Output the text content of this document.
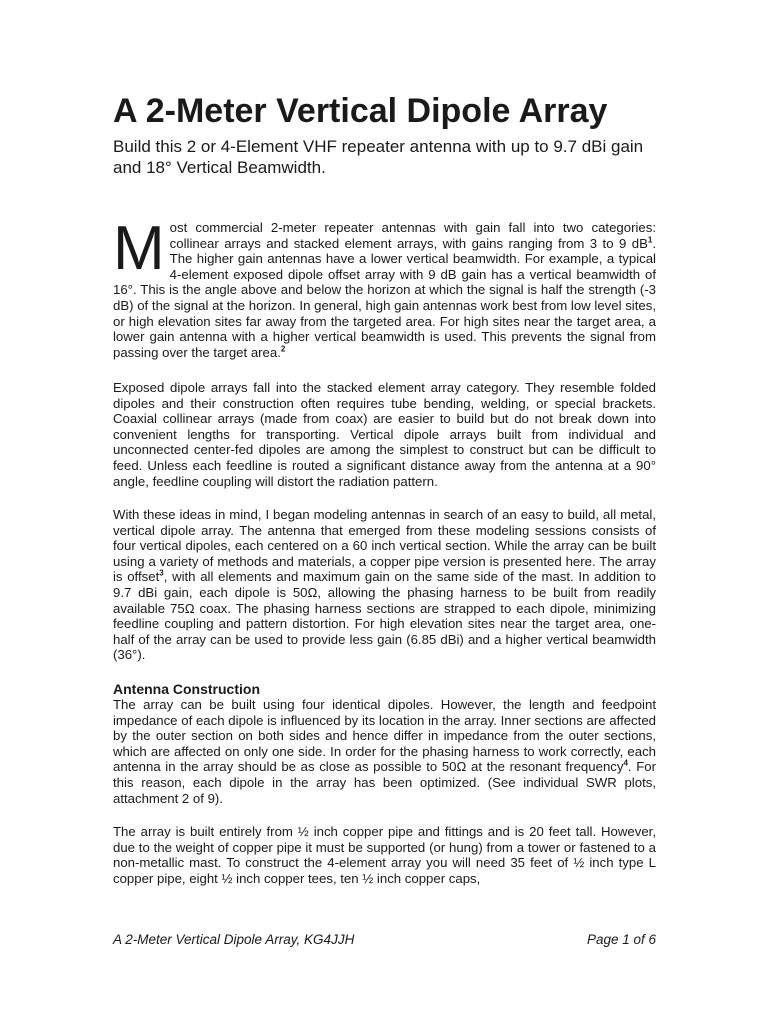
A 2-Meter Vertical Dipole Array

Build this 2 or 4-Element VHF repeater antenna with up to 9.7 dBi gain and 18° Vertical Beamwidth.

Most commercial 2-meter repeater antennas with gain fall into two categories: collinear arrays and stacked element arrays, with gains ranging from 3 to 9 $dB^1$. The higher gain antennas have a lower vertical beamwidth. For example, a typical 4-element exposed dipole offset array with 9 dB gain has a vertical beamwidth of 16°. This is the angle above and below the horizon at which the signal is half the strength (-3 dB) of the signal at the horizon. In general, high gain antennas work best from low level sites, or high elevation sites far away from the targeted area. For high sites near the target area, a lower gain antenna with a higher vertical beamwidth is used. This prevents the signal from passing over the target area.$^2$

Exposed dipole arrays fall into the stacked element array category. They resemble folded dipoles and their construction often requires tube bending, welding, or special brackets. Coaxial collinear arrays (made from coax) are easier to build but do not break down into convenient lengths for transporting. Vertical dipole arrays built from individual and unconnected center-fed dipoles are among the simplest to construct but can be difficult to feed. Unless each feedline is routed a significant distance away from the antenna at a 90° angle, feedline coupling will distort the radiation pattern.

With these ideas in mind, I began modeling antennas in search of an easy to build, all metal, vertical dipole array. The antenna that emerged from these modeling sessions consists of four vertical dipoles, each centered on a 60 inch vertical section. While the array can be built using a variety of methods and materials, a copper pipe version is presented here. The array is offset$^3$, with all elements and maximum gain on the same side of the mast. In addition to 9.7 dBi gain, each dipole is 50Ω, allowing the phasing harness to be built from readily available 75Ω coax. The phasing harness sections are strapped to each dipole, minimizing feedline coupling and pattern distortion. For high elevation sites near the target area, one-half of the array can be used to provide less gain (6.85 dBi) and a higher vertical beamwidth (36°).

Antenna Construction

The array can be built using four identical dipoles. However, the length and feedpoint impedance of each dipole is influenced by its location in the array. Inner sections are affected by the outer section on both sides and hence differ in impedance from the outer sections, which are affected on only one side. In order for the phasing harness to work correctly, each antenna in the array should be as close as possible to 50Ω at the resonant frequency$^4$. For this reason, each dipole in the array has been optimized. (See individual SWR plots, attachment 2 of 9).

The array is built entirely from ½ inch copper pipe and fittings and is 20 feet tall. However, due to the weight of copper pipe it must be supported (or hung) from a tower or fastened to a non-metallic mast. To construct the 4-element array you will need 35 feet of ½ inch type L copper pipe, eight ½ inch copper tees, ten ½ inch copper caps,

A 2-Meter Vertical Dipole Array, KG4JJH	Page 1 of 6
